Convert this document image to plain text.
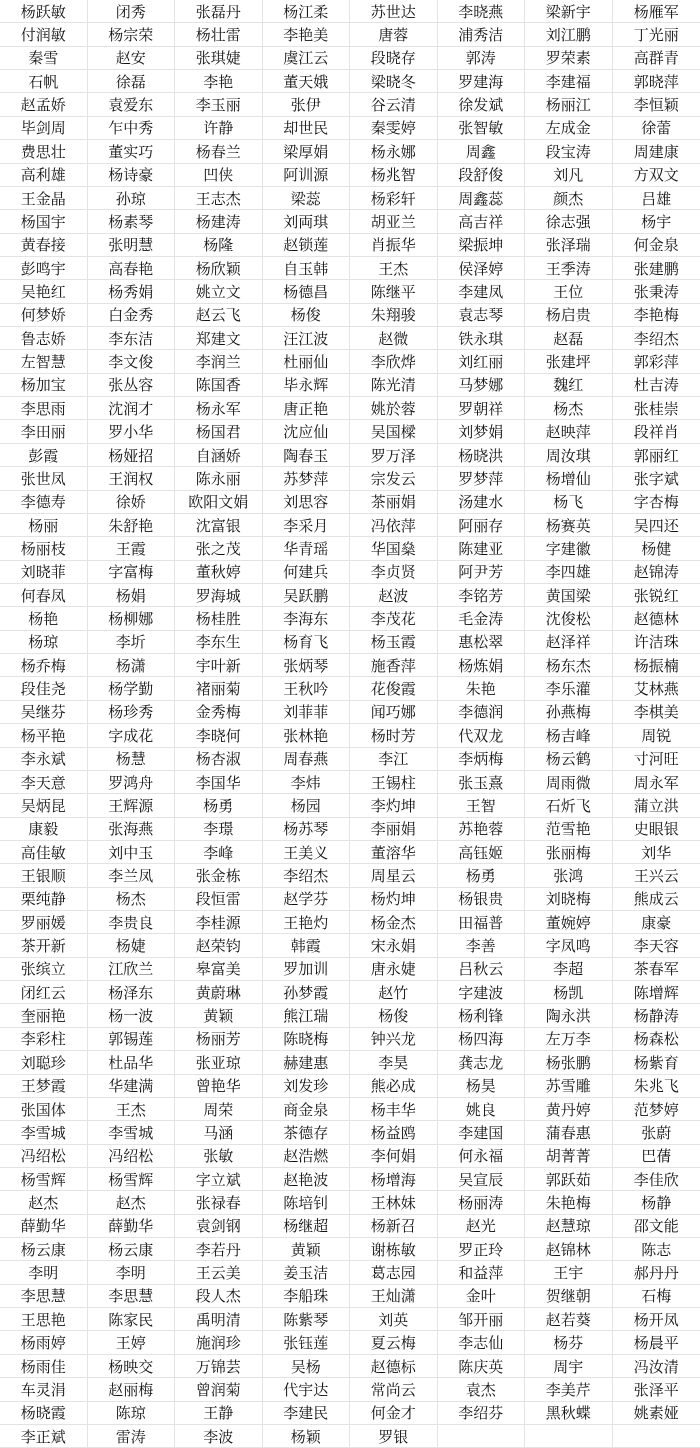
杨跃敏	闭秀	张磊丹	杨江柔	苏世达	李晓燕	梁新宇	杨雁军
付润敏	杨宗荣	杨壮雷	李艳美	唐蓉	浦秀洁	刘江鹏	丁光丽
秦雪	赵安	张琪婕	虞江云	段晓存	郭涛	罗荣素	高群青
石帆	徐磊	李艳	董天娥	梁晓冬	罗建海	李建福	郭晓萍
赵孟娇	袁爱东	李玉丽	张伊	谷云清	徐发斌	杨丽江	李恒颖
毕剑周	乍中秀	许静	却世民	秦雯婷	张智敏	左成金	徐蕾
费思壮	董实巧	杨春兰	梁厚娟	杨永娜	周鑫	段宝涛	周建康
高利雄	杨诗豪	凹侠	阿训源	杨兆智	段舒俊	刘凡	方双文
王金晶	孙琼	王志杰	梁蕊	杨彩轩	周鑫蕊	颜杰	吕雄
杨国宇	杨素琴	杨建涛	刘両琪	胡亚兰	高吉祥	徐志强	杨宇
黄春接	张明慧	杨隆	赵锁莲	肖振华	梁振坤	张泽瑞	何金泉
彭鸣宇	高春艳	杨欣颖	自玉韩	王杰	侯泽婷	王季涛	张建鹏
吴艳红	杨秀娟	姚立文	杨德昌	陈继平	李建凤	王位	张秉涛
何梦娇	白金秀	赵云飞	杨俊	朱翔骏	袁志琴	杨启贵	李艳梅
鲁志娇	李东洁	郑建文	汪江波	赵微	铁永琪	赵磊	李绍杰
左智慧	李文俊	李润兰	杜丽仙	李欣烨	刘红丽	张建坪	郭彩萍
杨加宝	张丛容	陈国香	毕永辉	陈光清	马梦娜	魏红	杜吉涛
李思雨	沈润才	杨永军	唐正艳	姚於蓉	罗朝祥	杨杰	张桂崇
李田丽	罗小华	杨国君	沈应仙	吴国樑	刘梦娟	赵映萍	段祥肖
彭霞	杨娅招	自涵娇	陶春玉	罗万泽	杨晓洪	周汝琪	郭丽红
张世凤	王润权	陈永丽	苏梦萍	宗发云	罗梦萍	杨增仙	张字斌
李德寿	徐娇	欧阳文娟	刘思容	茶丽娟	汤建水	杨飞	字杏梅
杨丽	朱舒艳	沈富银	李采月	冯依萍	阿丽存	杨赛英	吴四还
杨丽枝	王霞	张之茂	华青瑶	华国燊	陈建亚	字建徽	杨健
刘晓菲	字富梅	董秋婷	何建兵	李贞贤	阿尹芳	李四雄	赵锦涛
何春凤	杨娟	罗海城	吴跃鹏	赵波	李铭芳	黄国梁	张锐红
杨艳	杨柳娜	杨桂胜	李海东	李茂花	毛金涛	沈俊松	赵德林
杨琼	李圻	李东生	杨育飞	杨玉霞	惠松翠	赵泽祥	许洁珠
杨乔梅	杨潇	宇叶新	张炳琴	施香萍	杨炼娟	杨东杰	杨振楠
段佳尧	杨学勤	褚丽菊	王秋吟	花俊霞	朱艳	李乐灌	艾林燕
吴继芬	杨珍秀	金秀梅	刘菲菲	闻巧娜	李德润	孙燕梅	李棋美
杨平艳	字成花	李晓何	张林艳	杨时芳	代双龙	杨吉峰	周锐
李永斌	杨慧	杨杏淑	周春燕	李江	李炳梅	杨云鹤	寸河旺
李天意	罗鸿舟	李国华	李炜	王锡柱	张玉熹	周雨微	周永军
吴炳昆	王辉源	杨勇	杨园	李灼坤	王智	石炘飞	蒲立洪
康毅	张海燕	李璟	杨苏琴	李丽娟	苏艳蓉	范雪艳	史眼银
高佳敏	刘中玉	李峰	王美义	董溶华	高钰姬	张丽梅	刘华
王银顺	李兰凤	张金栋	李绍杰	周星云	杨勇	张鸿	王兴云
栗纯静	杨杰	段恒雷	赵学芬	杨灼坤	杨银贵	刘晓梅	熊成云
罗丽媛	李贵良	李桂源	王艳灼	杨金杰	田福普	董婉婷	康豪
茶开新	杨婕	赵荣钧	韩霞	宋永娟	李善	字凤鸣	李天容
张缤立	江欣兰	皋富美	罗加训	唐永婕	吕秋云	李超	茶春军
闭红云	杨泽东	黄蔚琳	孙梦霞	赵竹	字建波	杨凯	陈增辉
奎丽艳	杨一波	黄颖	熊江瑞	杨俊	杨利锋	陶永洪	杨静涛
李彩柱	郭锡莲	杨丽芳	陈晓梅	钟兴龙	杨四海	左万李	杨森松
刘聪珍	杜品华	张亚琼	赫建惠	李昊	龚志龙	杨张鹏	杨紫育
王梦霞	华建满	曾艳华	刘发珍	熊必成	杨昊	苏雪雕	朱兆飞
张国体	王杰	周荣	商金泉	杨丰华	姚良	黄丹婷	范梦婷
李雪城	李雪城	马涵	茶德存	杨益鸥	李建国	蒲春惠	张蔚
冯绍松	冯绍松	张敏	赵浩燃	李何娟	何永福	胡菁菁	巴蒨
杨雪辉	杨雪辉	字立斌	赵艳波	杨增海	吴宣辰	郭跃茹	李佳欣
赵杰	赵杰	张禄春	陈培钊	王林妹	杨丽涛	朱艳梅	杨静
薛勤华	薛勤华	袁剑钢	杨继超	杨新召	赵光	赵慧琼	邵文能
杨云康	杨云康	李若丹	黄颖	谢栋敏	罗正玲	赵锦林	陈志
李明	李明	王云美	姜玉洁	葛志园	和益萍	王宇	郝丹丹
李思慧	李思慧	段人杰	李船珠	王灿潇	金叶	贺继朝	石梅
王思艳	陈家民	禹明清	陈紫琴	刘英	邹开丽	赵若葵	杨开凤
杨雨婷	王婷	施润珍	张钰莲	夏云梅	李志仙	杨芬	杨晨平
杨雨佳	杨映交	万锦芸	吴杨	赵德标	陈庆英	周宇	冯汝清
车灵涓	赵丽梅	曾润菊	代宇达	常尚云	袁杰	李美芹	张泽平
杨晓霞	陈琼	王静	李建民	何金才	李绍芬	黑秋蝶	姚素娅
李正斌	雷涛	李波	杨颖	罗银
